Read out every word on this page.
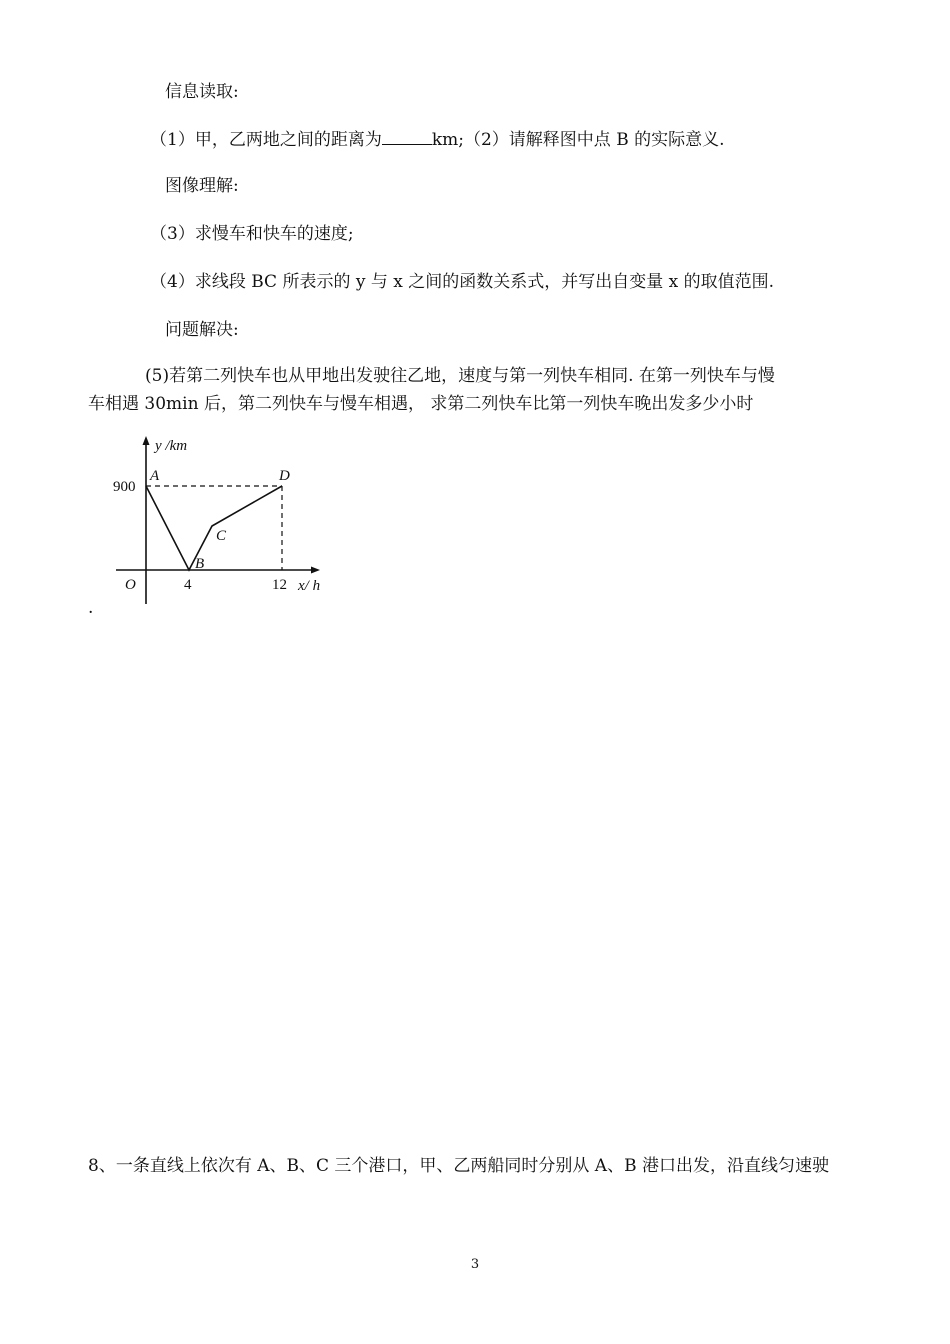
信息读取:
（1）甲，乙两地之间的距离为	km;（2）请解释图中点 B 的实际意义.
图像理解:
（3）求慢车和快车的速度;
（4）求线段 BC 所表示的 y 与 x 之间的函数关系式，并写出自变量 x 的取值范围.
问题解决:
(5)若第二列快车也从甲地出发驶往乙地，速度与第一列快车相同. 在第一列快车与慢
车相遇 30min 后，第二列快车与慢车相遇， 求第二列快车比第一列快车晚出发多少小时
y /km
x/ h
O
900
4	12
A
B
C
D
.
8、一条直线上依次有 A、B、C 三个港口，甲、乙两船同时分别从 A、B 港口出发，沿直线匀速驶
3
